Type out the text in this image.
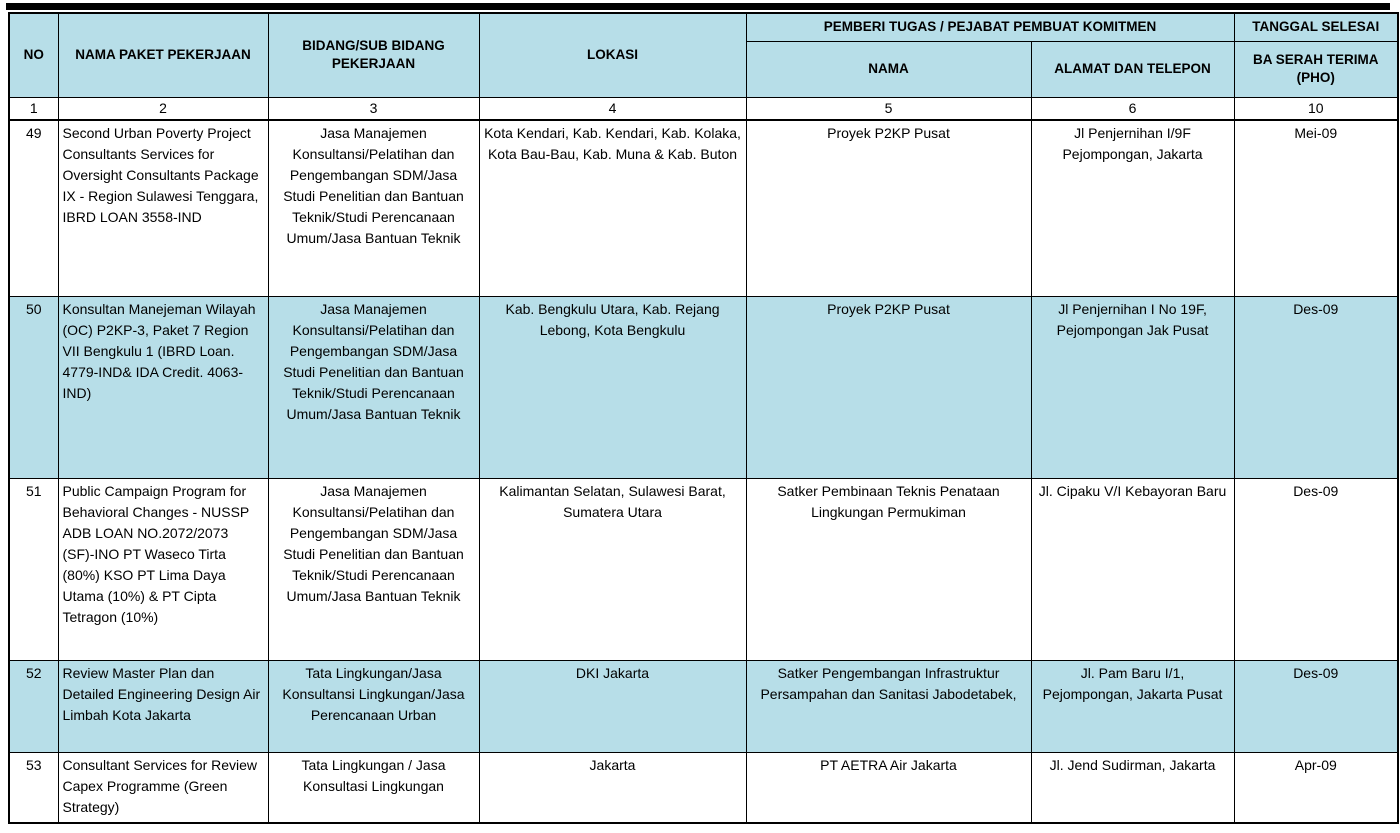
NO	NAMA PAKET PEKERJAAN	BIDANG/SUB BIDANG PEKERJAAN	LOKASI	PEMBERI TUGAS / PEJABAT PEMBUAT KOMITMEN		TANGGAL SELESAI
				NAMA	ALAMAT DAN TELEPON	BA SERAH TERIMA (PHO)
1	2	3	4	5	6	10
49	Second Urban Poverty Project Consultants Services for Oversight Consultants Package IX - Region Sulawesi Tenggara, IBRD LOAN 3558-IND	Jasa Manajemen Konsultansi/Pelatihan dan Pengembangan SDM/Jasa Studi Penelitian dan Bantuan Teknik/Studi Perencanaan Umum/Jasa Bantuan Teknik	Kota Kendari, Kab. Kendari, Kab. Kolaka, Kota Bau-Bau, Kab. Muna & Kab. Buton	Proyek P2KP Pusat	Jl Penjernihan I/9F Pejompongan, Jakarta	Mei-09
50	Konsultan Manejeman Wilayah (OC) P2KP-3, Paket 7 Region VII Bengkulu 1 (IBRD Loan. 4779-IND& IDA Credit. 4063-IND)	Jasa Manajemen Konsultansi/Pelatihan dan Pengembangan SDM/Jasa Studi Penelitian dan Bantuan Teknik/Studi Perencanaan Umum/Jasa Bantuan Teknik	Kab. Bengkulu Utara, Kab. Rejang Lebong, Kota Bengkulu	Proyek P2KP Pusat	Jl Penjernihan I No 19F, Pejompongan Jak Pusat	Des-09
51	Public Campaign Program for Behavioral Changes - NUSSP ADB LOAN NO.2072/2073 (SF)-INO PT Waseco Tirta (80%) KSO PT Lima Daya Utama (10%) & PT Cipta Tetragon (10%)	Jasa Manajemen Konsultansi/Pelatihan dan Pengembangan SDM/Jasa Studi Penelitian dan Bantuan Teknik/Studi Perencanaan Umum/Jasa Bantuan Teknik	Kalimantan Selatan, Sulawesi Barat, Sumatera Utara	Satker Pembinaan Teknis Penataan Lingkungan Permukiman	Jl. Cipaku V/I Kebayoran Baru	Des-09
52	Review Master Plan dan Detailed Engineering Design Air Limbah Kota Jakarta	Tata Lingkungan/Jasa Konsultansi Lingkungan/Jasa Perencanaan Urban	DKI Jakarta	Satker Pengembangan Infrastruktur Persampahan dan Sanitasi Jabodetabek,	Jl. Pam Baru I/1, Pejompongan, Jakarta Pusat	Des-09
53	Consultant Services for Review Capex Programme (Green Strategy)	Tata Lingkungan / Jasa Konsultasi Lingkungan	Jakarta	PT AETRA Air Jakarta	Jl. Jend Sudirman, Jakarta	Apr-09
